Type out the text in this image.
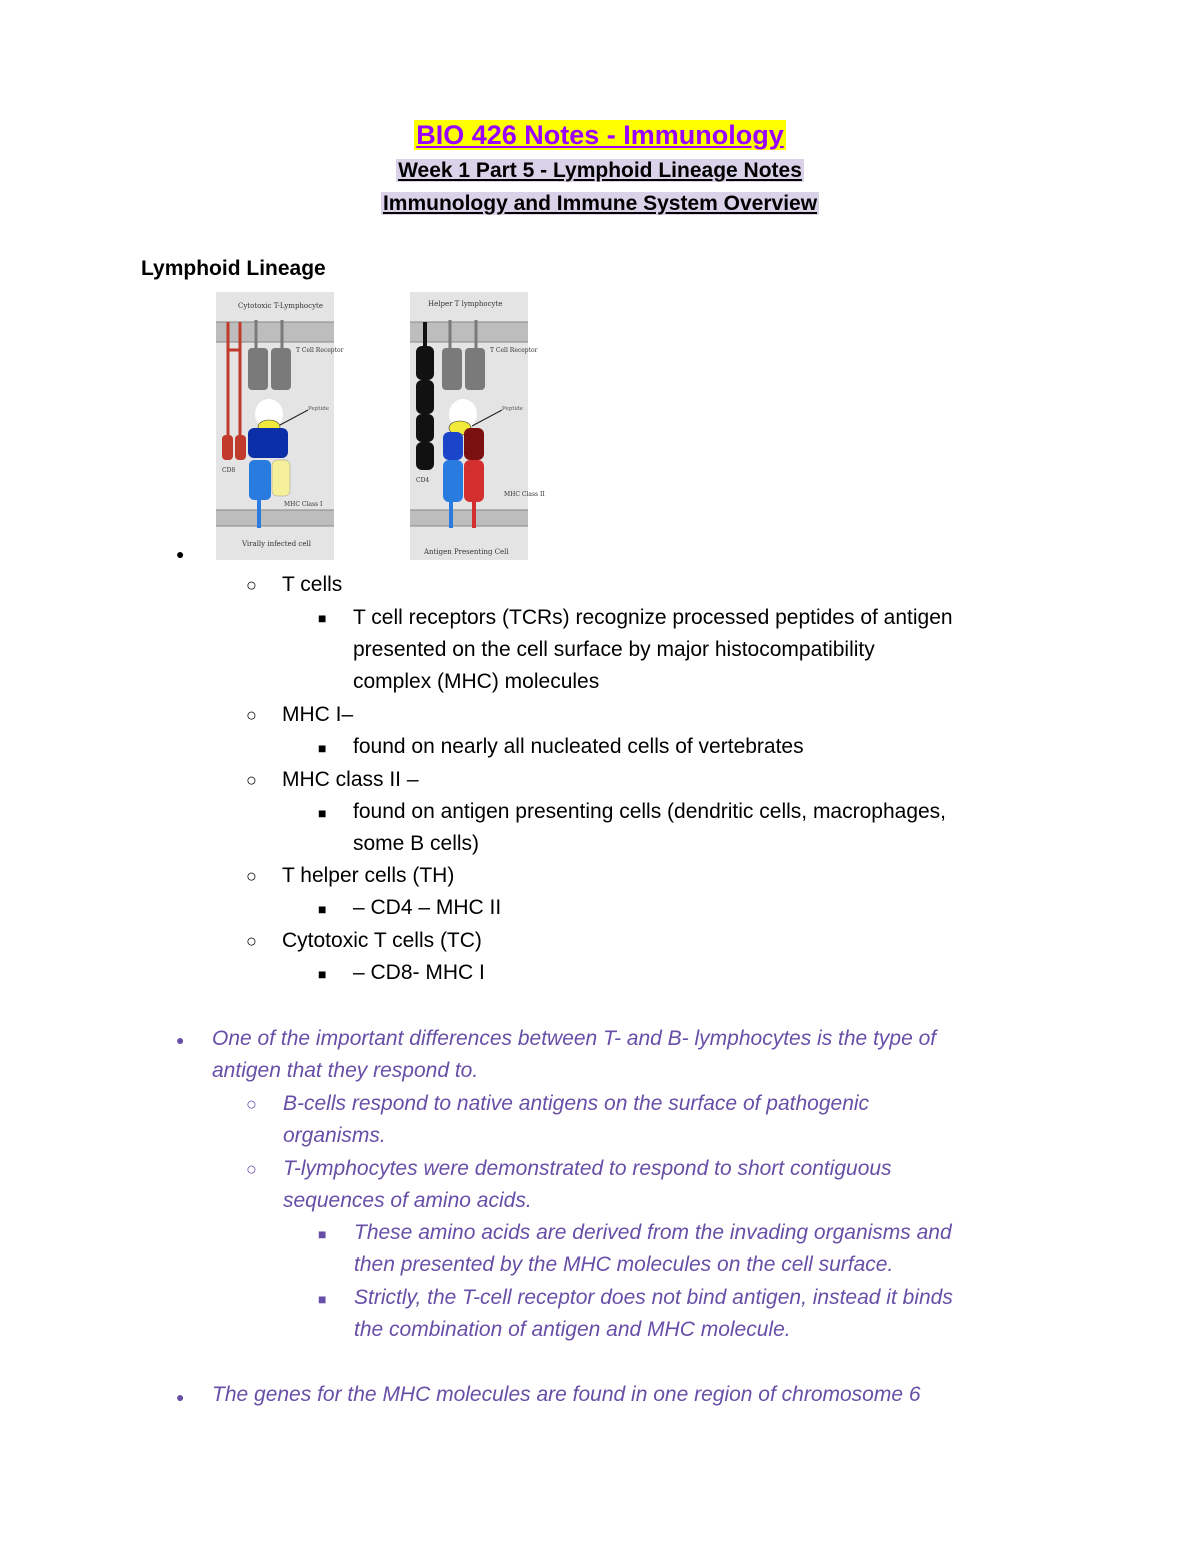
BIO 426 Notes - Immunology
Week 1 Part 5 - Lymphoid Lineage Notes
Immunology and Immune System Overview
Lymphoid Lineage
Cytotoxic T-Lymphocyte
CD8
T Cell Receptor
Peptide
MHC Class I
Virally infected cell
Helper T lymphocyte
CD4
T Cell Receptor
Peptide
MHC Class II
Antigen Presenting Cell
●
○ T cells
■ T cell receptors (TCRs) recognize processed peptides of antigen
presented on the cell surface by major histocompatibility
complex (MHC) molecules
○ MHC I–
■ found on nearly all nucleated cells of vertebrates
○ MHC class II –
■ found on antigen presenting cells (dendritic cells, macrophages,
some B cells)
○ T helper cells (TH)
■ – CD4 – MHC II
○ Cytotoxic T cells (TC)
■ – CD8- MHC I
● One of the important differences between T- and B- lymphocytes is the type of
antigen that they respond to.
○ B-cells respond to native antigens on the surface of pathogenic
organisms.
○ T-lymphocytes were demonstrated to respond to short contiguous
sequences of amino acids.
■ These amino acids are derived from the invading organisms and
then presented by the MHC molecules on the cell surface.
■ Strictly, the T-cell receptor does not bind antigen, instead it binds
the combination of antigen and MHC molecule.
● The genes for the MHC molecules are found in one region of chromosome 6
